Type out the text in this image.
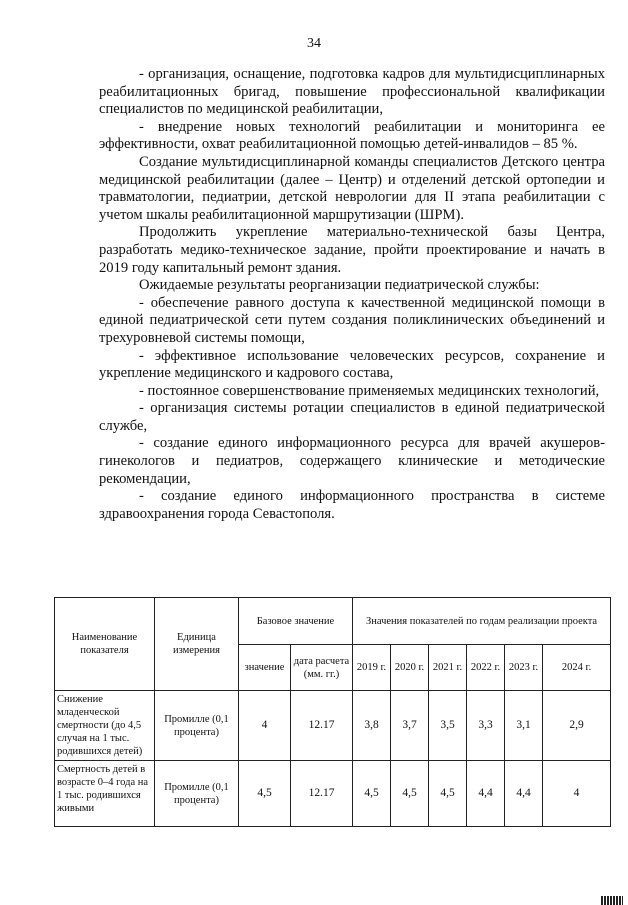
34

- организация, оснащение, подготовка кадров для мультидисциплинарных реабилитационных бригад, повышение профессиональной квалификации специалистов по медицинской реабилитации,

- внедрение новых технологий реабилитации и мониторинга ее эффективности, охват реабилитационной помощью детей-инвалидов – 85 %.

Создание мультидисциплинарной команды специалистов Детского центра медицинской реабилитации (далее – Центр) и отделений детской ортопедии и травматологии, педиатрии, детской неврологии для II этапа реабилитации с учетом шкалы реабилитационной маршрутизации (ШРМ).

Продолжить укрепление материально-технической базы Центра, разработать медико-техническое задание, пройти проектирование и начать в 2019 году капитальный ремонт здания.

Ожидаемые результаты реорганизации педиатрической службы:

- обеспечение равного доступа к качественной медицинской помощи в единой педиатрической сети путем создания поликлинических объединений и трехуровневой системы помощи,

- эффективное использование человеческих ресурсов, сохранение и укрепление медицинского и кадрового состава,

- постоянное совершенствование применяемых медицинских технологий,

- организация системы ротации специалистов в единой педиатрической службе,

- создание единого информационного ресурса для врачей акушеров-гинекологов и педиатров, содержащего клинические и методические рекомендации,

- создание единого информационного пространства в системе здравоохранения города Севастополя.

Наименование показателя	Единица измерения	Базовое значение		Значения показателей по годам реализации проекта					
		значение	дата расчета (мм. гг.)	2019 г.	2020 г.	2021 г.	2022 г.	2023 г.	2024 г.
Снижение младенческой смертности (до 4,5 случая на 1 тыс. родившихся детей)	Промилле (0,1 процента)	4	12.17	3,8	3,7	3,5	3,3	3,1	2,9
Смертность детей в возрасте 0–4 года на 1 тыс. родившихся живыми	Промилле (0,1 процента)	4,5	12.17	4,5	4,5	4,5	4,4	4,4	4
